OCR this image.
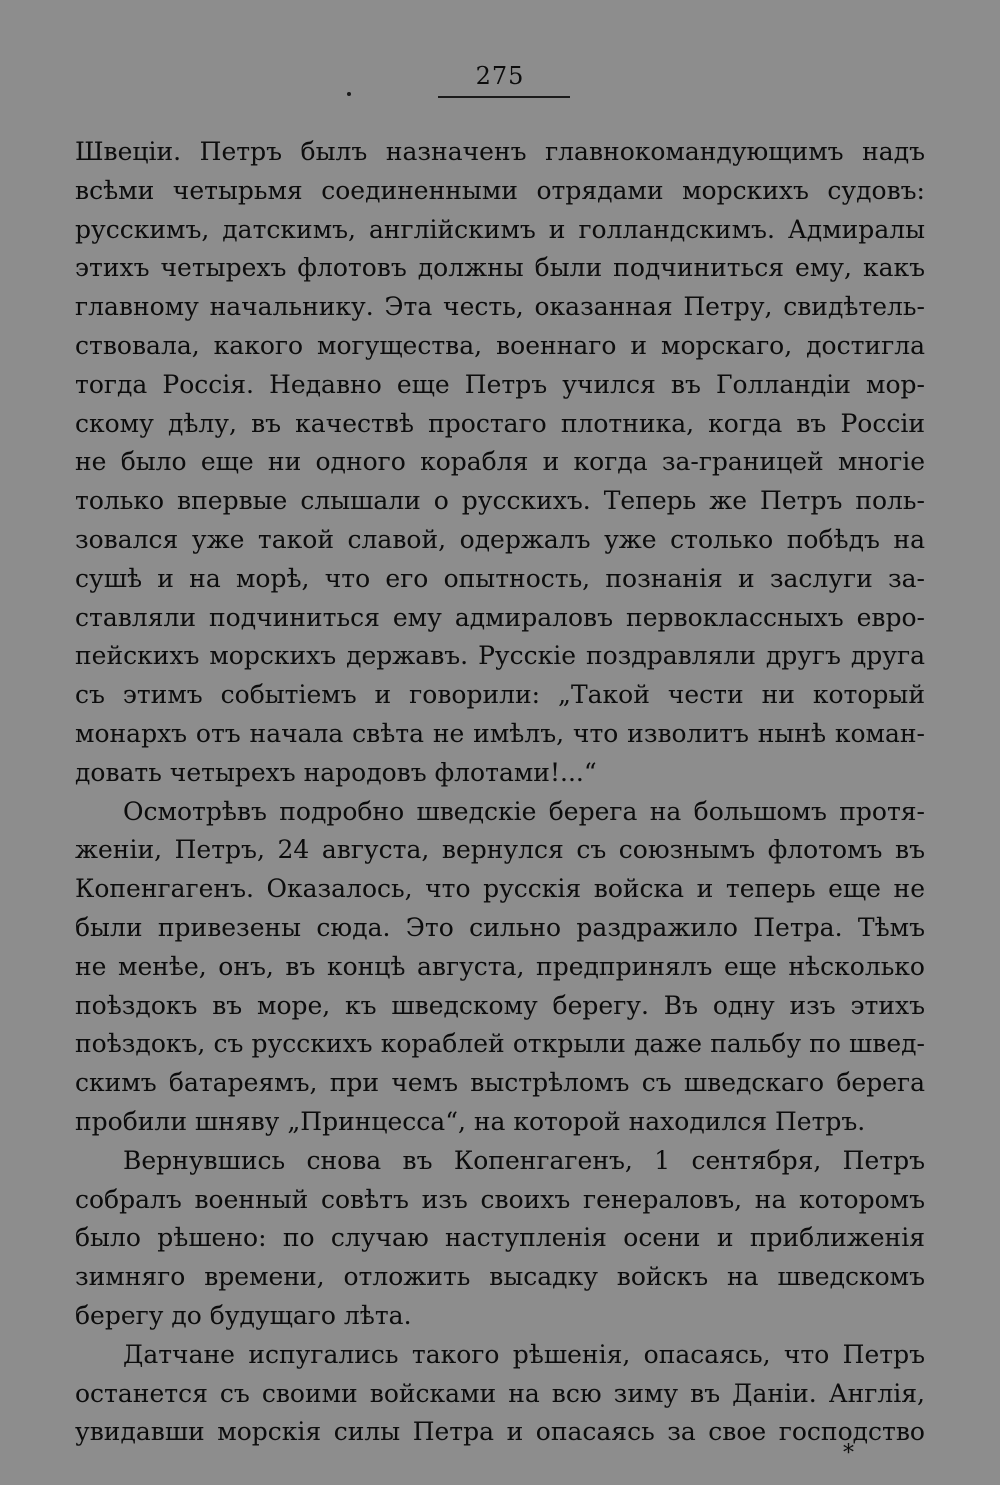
275
Швеціи. Петръ былъ назначенъ главнокомандующимъ надъ
всѣми четырьмя соединенными отрядами морскихъ судовъ:
русскимъ, датскимъ, англійскимъ и голландскимъ. Адмиралы
этихъ четырехъ флотовъ должны были подчиниться ему, какъ
главному начальнику. Эта честь, оказанная Петру, свидѣтель-
ствовала, какого могущества, военнаго и морскаго, достигла
тогда Россія. Недавно еще Петръ учился въ Голландіи мор-
скому дѣлу, въ качествѣ простаго плотника, когда въ Россіи
не было еще ни одного корабля и когда за-границей многіе
только впервые слышали о русскихъ. Теперь же Петръ поль-
зовался уже такой славой, одержалъ уже столько побѣдъ на
сушѣ и на морѣ, что его опытность, познанія и заслуги за-
ставляли подчиниться ему адмираловъ первоклассныхъ евро-
пейскихъ морскихъ державъ. Русскіе поздравляли другъ друга
съ этимъ событіемъ и говорили: „Такой чести ни который
монархъ отъ начала свѣта не имѣлъ, что изволитъ нынѣ коман-
довать четырехъ народовъ флотами!...“
Осмотрѣвъ подробно шведскіе берега на большомъ протя-
женіи, Петръ, 24 августа, вернулся съ союзнымъ флотомъ въ
Копенгагенъ. Оказалось, что русскія войска и теперь еще не
были привезены сюда. Это сильно раздражило Петра. Тѣмъ
не менѣе, онъ, въ концѣ августа, предпринялъ еще нѣсколько
поѣздокъ въ море, къ шведскому берегу. Въ одну изъ этихъ
поѣздокъ, съ русскихъ кораблей открыли даже пальбу по швед-
скимъ батареямъ, при чемъ выстрѣломъ съ шведскаго берега
пробили шняву „Принцесса“, на которой находился Петръ.
Вернувшись снова въ Копенгагенъ, 1 сентября, Петръ
собралъ военный совѣтъ изъ своихъ генераловъ, на которомъ
было рѣшено: по случаю наступленія осени и приближенія
зимняго времени, отложить высадку войскъ на шведскомъ
берегу до будущаго лѣта.
Датчане испугались такого рѣшенія, опасаясь, что Петръ
останется съ своими войсками на всю зиму въ Даніи. Англія,
увидавши морскія силы Петра и опасаясь за свое господство
*
